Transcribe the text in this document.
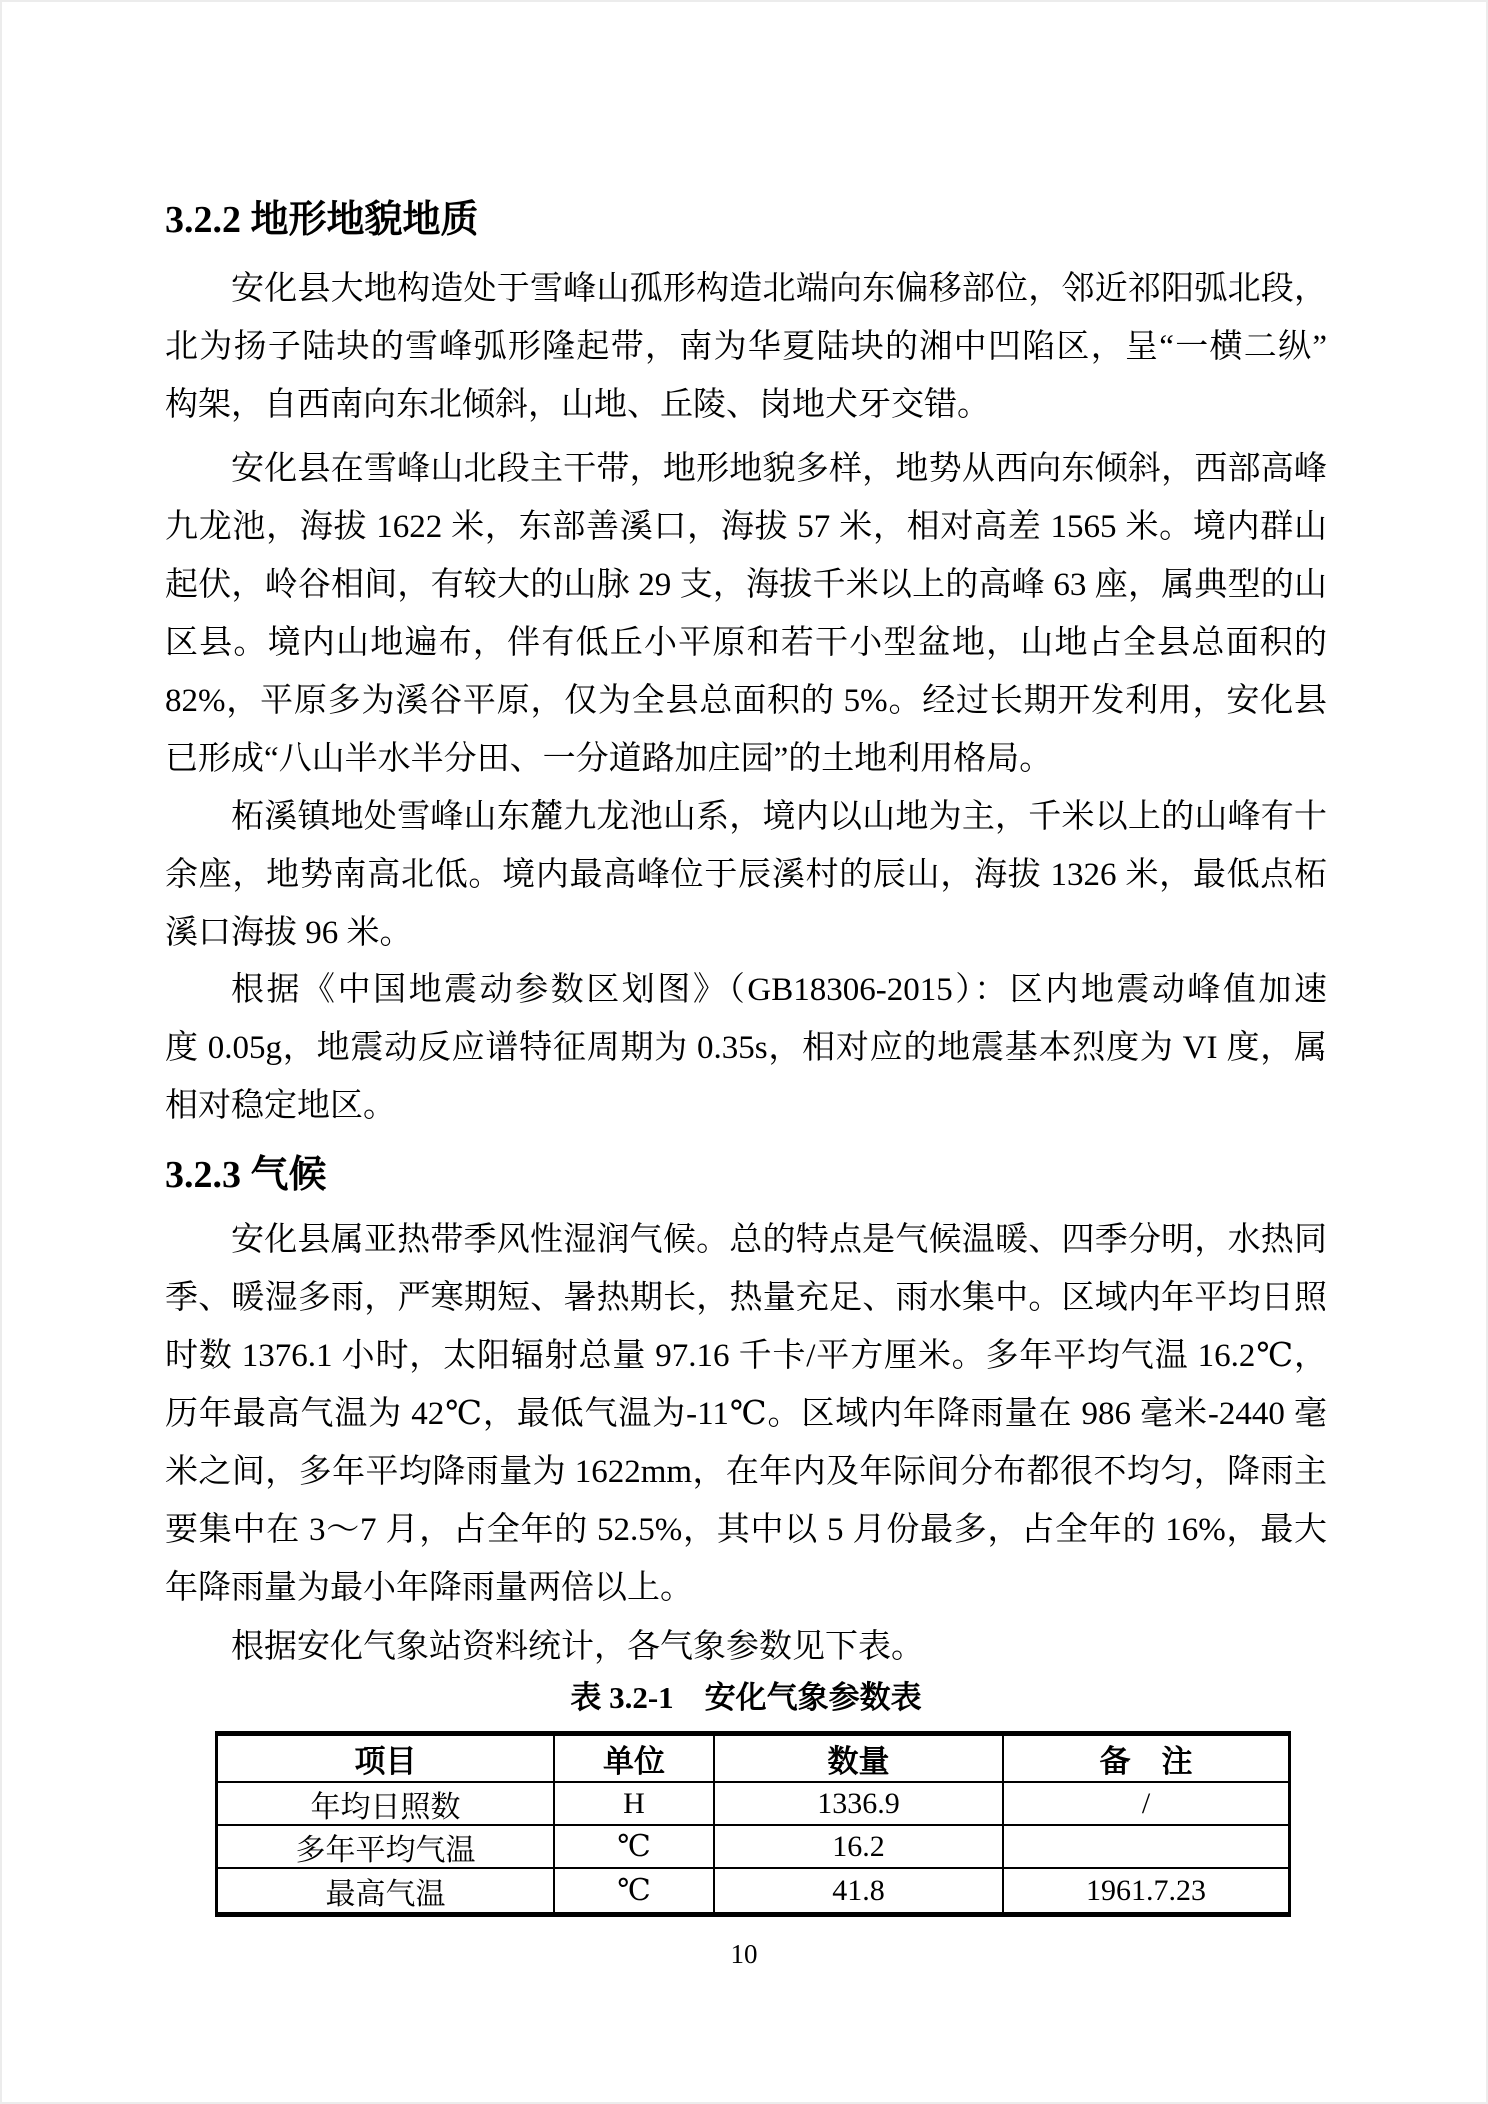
3.2.2 地形地貌地质
安化县大地构造处于雪峰山孤形构造北端向东偏移部位，邻近祁阳弧北段，
北为扬子陆块的雪峰弧形隆起带，南为华夏陆块的湘中凹陷区，呈“一横二纵”
构架，自西南向东北倾斜，山地、丘陵、岗地犬牙交错。
安化县在雪峰山北段主干带，地形地貌多样，地势从西向东倾斜，西部高峰
九龙池，海拔 1622 米，东部善溪口，海拔 57 米，相对高差 1565 米。境内群山
起伏，岭谷相间，有较大的山脉 29 支，海拔千米以上的高峰 63 座，属典型的山
区县。境内山地遍布，伴有低丘小平原和若干小型盆地，山地占全县总面积的
82%，平原多为溪谷平原，仅为全县总面积的 5%。经过长期开发利用，安化县
已形成“八山半水半分田、一分道路加庄园”的土地利用格局。
柘溪镇地处雪峰山东麓九龙池山系，境内以山地为主，千米以上的山峰有十
余座，地势南高北低。境内最高峰位于辰溪村的辰山，海拔 1326 米，最低点柘
溪口海拔 96 米。
根据《中国地震动参数区划图》（GB18306-2015）：区内地震动峰值加速
度 0.05g，地震动反应谱特征周期为 0.35s，相对应的地震基本烈度为 VI 度，属
相对稳定地区。
3.2.3 气候
安化县属亚热带季风性湿润气候。总的特点是气候温暖、四季分明，水热同
季、暖湿多雨，严寒期短、暑热期长，热量充足、雨水集中。区域内年平均日照
时数 1376.1 小时，太阳辐射总量 97.16 千卡/平方厘米。多年平均气温 16.2℃，
历年最高气温为 42℃，最低气温为-11℃。区域内年降雨量在 986 毫米-2440 毫
米之间，多年平均降雨量为 1622mm，在年内及年际间分布都很不均匀，降雨主
要集中在 3～7 月，占全年的 52.5%，其中以 5 月份最多，占全年的 16%，最大
年降雨量为最小年降雨量两倍以上。
根据安化气象站资料统计，各气象参数见下表。
表 3.2-1　安化气象参数表
项目	单位	数量	备　注
年均日照数	H	1336.9	/
多年平均气温	℃	16.2
最高气温	℃	41.8	1961.7.23
10
